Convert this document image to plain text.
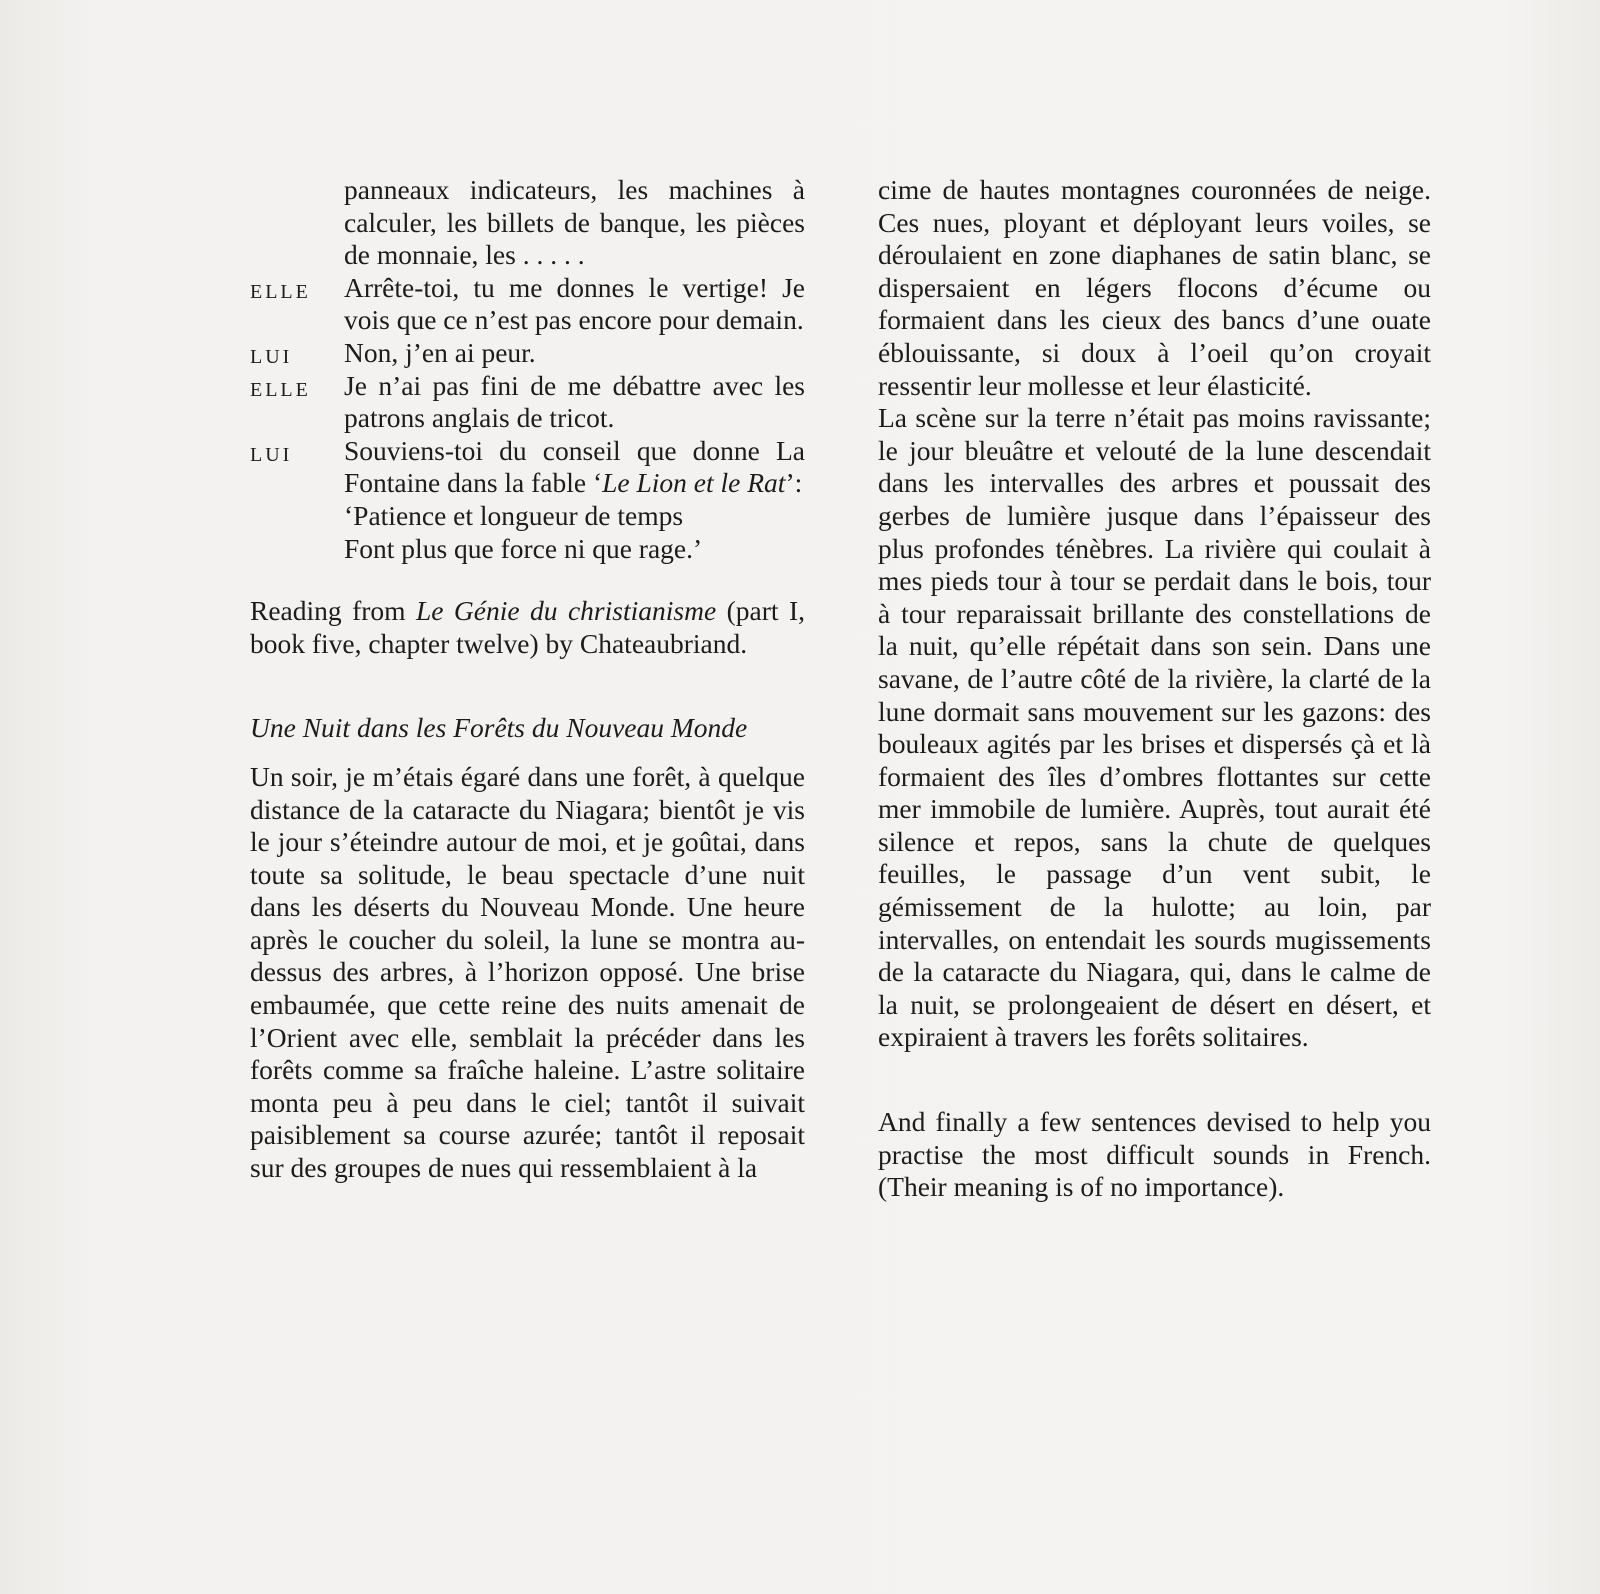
panneaux indicateurs, les machines à calculer, les billets de banque, les pièces de monnaie, les . . . . .
ELLE Arrête-toi, tu me donnes le vertige! Je vois que ce n’est pas encore pour demain.
LUI Non, j’en ai peur.
ELLE Je n’ai pas fini de me débattre avec les patrons anglais de tricot.
LUI Souviens-toi du conseil que donne La Fontaine dans la fable ‘Le Lion et le Rat’:
‘Patience et longueur de temps
Font plus que force ni que rage.’

Reading from Le Génie du christianisme (part I, book five, chapter twelve) by Chateaubriand.

Une Nuit dans les Forêts du Nouveau Monde

Un soir, je m’étais égaré dans une forêt, à quelque distance de la cataracte du Niagara; bientôt je vis le jour s’éteindre autour de moi, et je goûtai, dans toute sa solitude, le beau spectacle d’une nuit dans les déserts du Nouveau Monde. Une heure après le coucher du soleil, la lune se montra au-dessus des arbres, à l’horizon opposé. Une brise embaumée, que cette reine des nuits amenait de l’Orient avec elle, semblait la précéder dans les forêts comme sa fraîche haleine. L’astre solitaire monta peu à peu dans le ciel; tantôt il suivait paisiblement sa course azurée; tantôt il reposait sur des groupes de nues qui ressemblaient à la

cime de hautes montagnes couronnées de neige. Ces nues, ployant et déployant leurs voiles, se déroulaient en zone diaphanes de satin blanc, se dispersaient en légers flocons d’écume ou formaient dans les cieux des bancs d’une ouate éblouissante, si doux à l’oeil qu’on croyait ressentir leur mollesse et leur élasticité.

La scène sur la terre n’était pas moins ravissante; le jour bleuâtre et velouté de la lune descendait dans les intervalles des arbres et poussait des gerbes de lumière jusque dans l’épaisseur des plus profondes ténèbres. La rivière qui coulait à mes pieds tour à tour se perdait dans le bois, tour à tour reparaissait brillante des constellations de la nuit, qu’elle répétait dans son sein. Dans une savane, de l’autre côté de la rivière, la clarté de la lune dormait sans mouvement sur les gazons: des bouleaux agités par les brises et dispersés çà et là formaient des îles d’ombres flottantes sur cette mer immobile de lumière. Auprès, tout aurait été silence et repos, sans la chute de quelques feuilles, le passage d’un vent subit, le gémissement de la hulotte; au loin, par intervalles, on entendait les sourds mugissements de la cataracte du Niagara, qui, dans le calme de la nuit, se prolongeaient de désert en désert, et expiraient à travers les forêts solitaires.

And finally a few sentences devised to help you practise the most difficult sounds in French. (Their meaning is of no importance).
